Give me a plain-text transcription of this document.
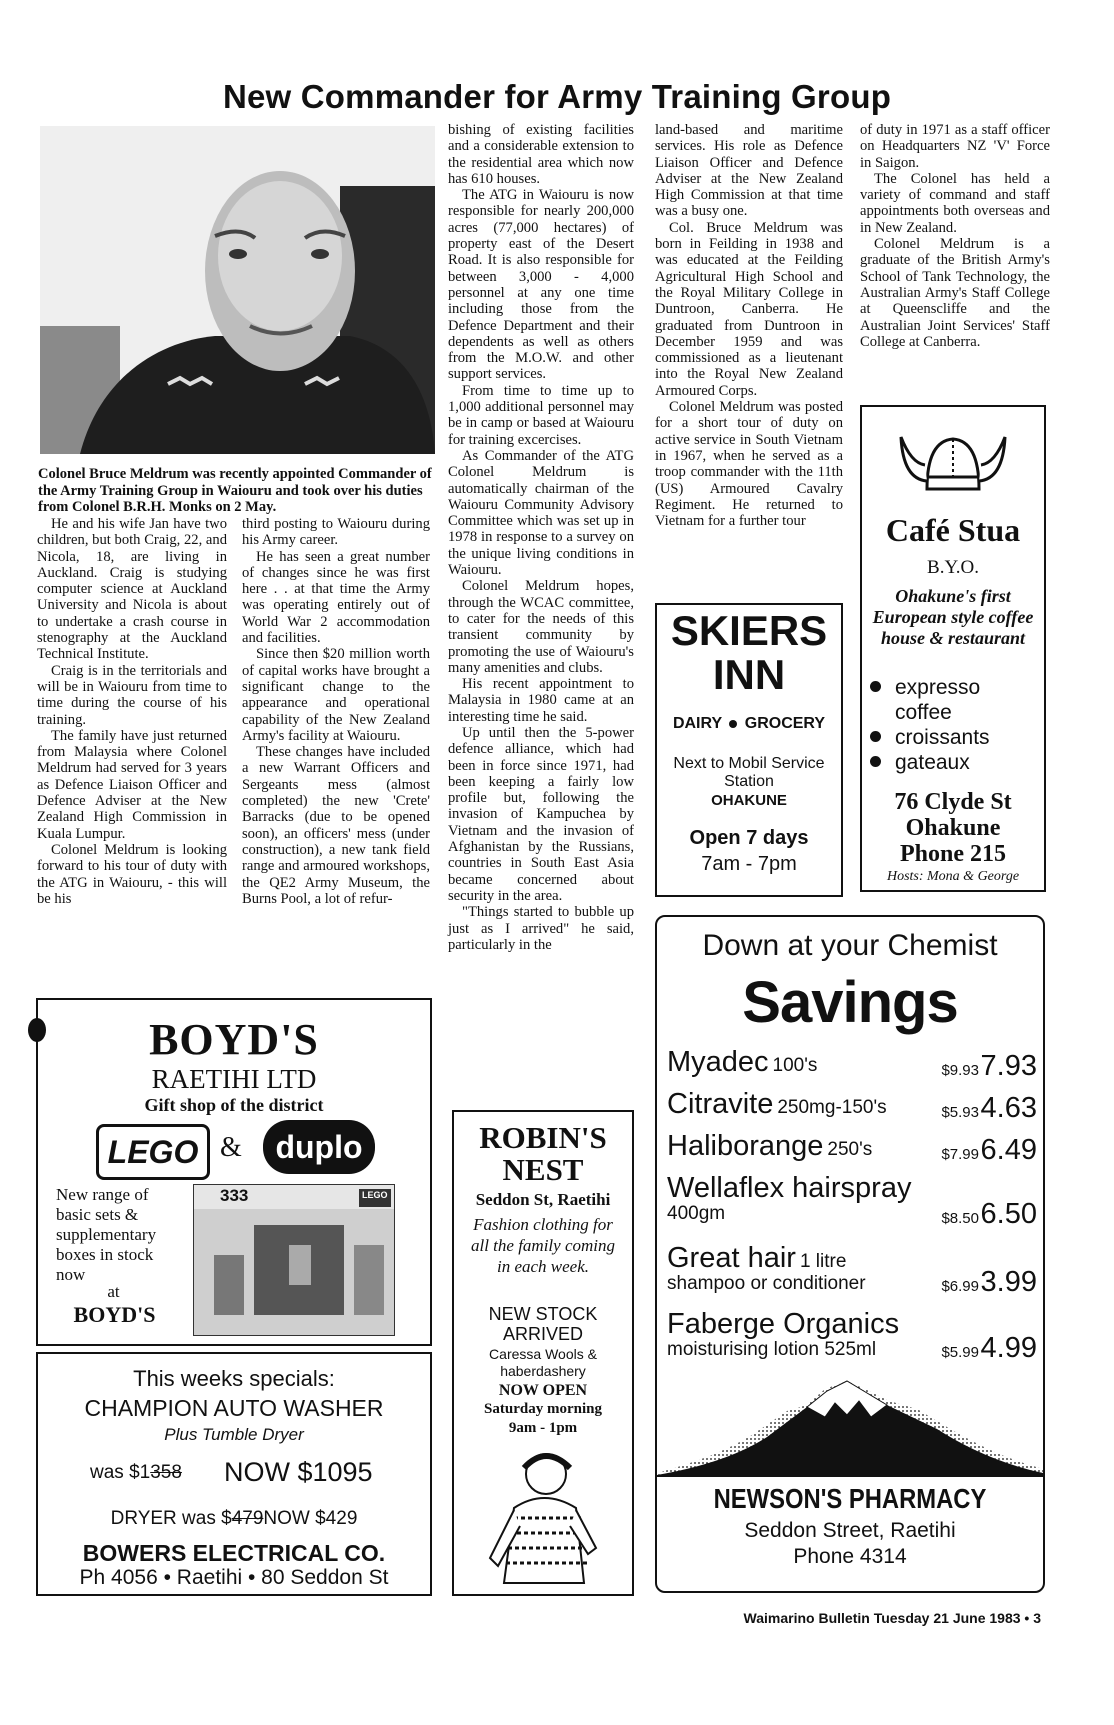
New Commander for Army Training Group
Colonel Bruce Meldrum was recently appointed Commander of the Army Training Group in Waiouru and took over his duties from Colonel B.R.H. Monks on 2 May.

He and his wife Jan have two children, but both Craig, 22, and Nicola, 18, are living in Auckland. Craig is studying computer science at Auckland University and Nicola is about to undertake a crash course in stenography at the Auckland Technical Institute.

Craig is in the territorials and will be in Waiouru from time to time during the course of his training.

The family have just returned from Malaysia where Colonel Meldrum had served for 3 years as Defence Liaison Officer and Defence Adviser at the New Zealand High Commission in Kuala Lumpur.

Colonel Meldrum is looking forward to his tour of duty with the ATG in Waiouru, - this will be his

third posting to Waiouru during his Army career.

He has seen a great number of changes since he was first here . . at that time the Army was operating entirely out of World War 2 accommodation and facilities.

Since then $20 million worth of capital works have brought a significant change to the appearance and operational capability of the New Zealand Army's facility at Waiouru.

These changes have included a new Warrant Officers and Sergeants mess (almost completed) the new 'Crete' Barracks (due to be opened soon), an officers' mess (under construction), a new tank field range and armoured workshops, the QE2 Army Museum, the Burns Pool, a lot of refur-

bishing of existing facilities and a considerable extension to the residential area which now has 610 houses.

The ATG in Waiouru is now responsible for nearly 200,000 acres (77,000 hectares) of property east of the Desert Road. It is also responsible for between 3,000 - 4,000 personnel at any one time including those from the Defence Department and their dependents as well as others from the M.O.W. and other support services.

From time to time up to 1,000 additional personnel may be in camp or based at Waiouru for training excercises.

As Commander of the ATG Colonel Meldrum is automatically chairman of the Waiouru Community Advisory Committee which was set up in 1978 in response to a survey on the unique living conditions in Waiouru.

Colonel Meldrum hopes, through the WCAC committee, to cater for the needs of this transient community by promoting the use of Waiouru's many amenities and clubs.

His recent appointment to Malaysia in 1980 came at an interesting time he said.

Up until then the 5-power defence alliance, which had been in force since 1971, had been keeping a fairly low profile but, following the invasion of Kampuchea by Vietnam and the invasion of Afghanistan by the Russians, countries in South East Asia became concerned about security in the area.

"Things started to bubble up just as I arrived" he said, particularly in the

land-based and maritime services. His role as Defence Liaison Officer and Defence Adviser at the New Zealand High Commission at that time was a busy one.

Col. Bruce Meldrum was born in Feilding in 1938 and was educated at the Feilding Agricultural High School and the Royal Military College in Duntroon, Canberra. He graduated from Duntroon in December 1959 and was commissioned as a lieutenant into the Royal New Zealand Armoured Corps.

Colonel Meldrum was posted for a short tour of duty on active service in South Vietnam in 1967, when he served as a troop commander with the 11th (US) Armoured Cavalry Regiment. He returned to Vietnam for a further tour

of duty in 1971 as a staff officer on Headquarters NZ 'V' Force in Saigon.

The Colonel has held a variety of command and staff appointments both overseas and in New Zealand.

Colonel Meldrum is a graduate of the British Army's School of Tank Technology, the Australian Army's Staff College at Queenscliffe and the Australian Joint Services' Staff College at Canberra.

BOYD'S
RAETIHI LTD
Gift shop of the district
LEGO & duplo
New range of basic sets & supplementary boxes in stock now
at
BOYD'S
333	LEGO
This weeks specials:
CHAMPION AUTO WASHER
Plus Tumble Dryer
was $1358 NOW $1095
DRYER was $479NOW $429
BOWERS ELECTRICAL CO.
Ph 4056 • Raetihi • 80 Seddon St
ROBIN'S
NEST
Seddon St, Raetihi
Fashion clothing for all the family coming in each week.
NEW STOCK ARRIVED
Caressa Wools & haberdashery
NOW OPEN
Saturday morning
9am - 1pm
SKIERS
INN
DAIRY GROCERY
Next to Mobil Service Station
OHAKUNE
Open 7 days
7am - 7pm
Café Stua
B.Y.O.
Ohakune's first European style coffee house & restaurant
expresso coffee
croissants
gateaux
76 Clyde St
Ohakune
Phone 215
Hosts: Mona & George
Down at your Chemist
Savings
Myadec 100's	$9.93 7.93
Citravite 250mg-150's	$5.93 4.63
Haliborange 250's	$7.99 6.49
Wellaflex hairspray
400gm	$8.50 6.50
Great hair 1 litre
shampoo or conditioner	$6.99 3.99
Faberge Organics
moisturising lotion 525ml	$5.99 4.99
NEWSON'S PHARMACY
Seddon Street, Raetihi
Phone 4314
Waimarino Bulletin Tuesday 21 June 1983 • 3
